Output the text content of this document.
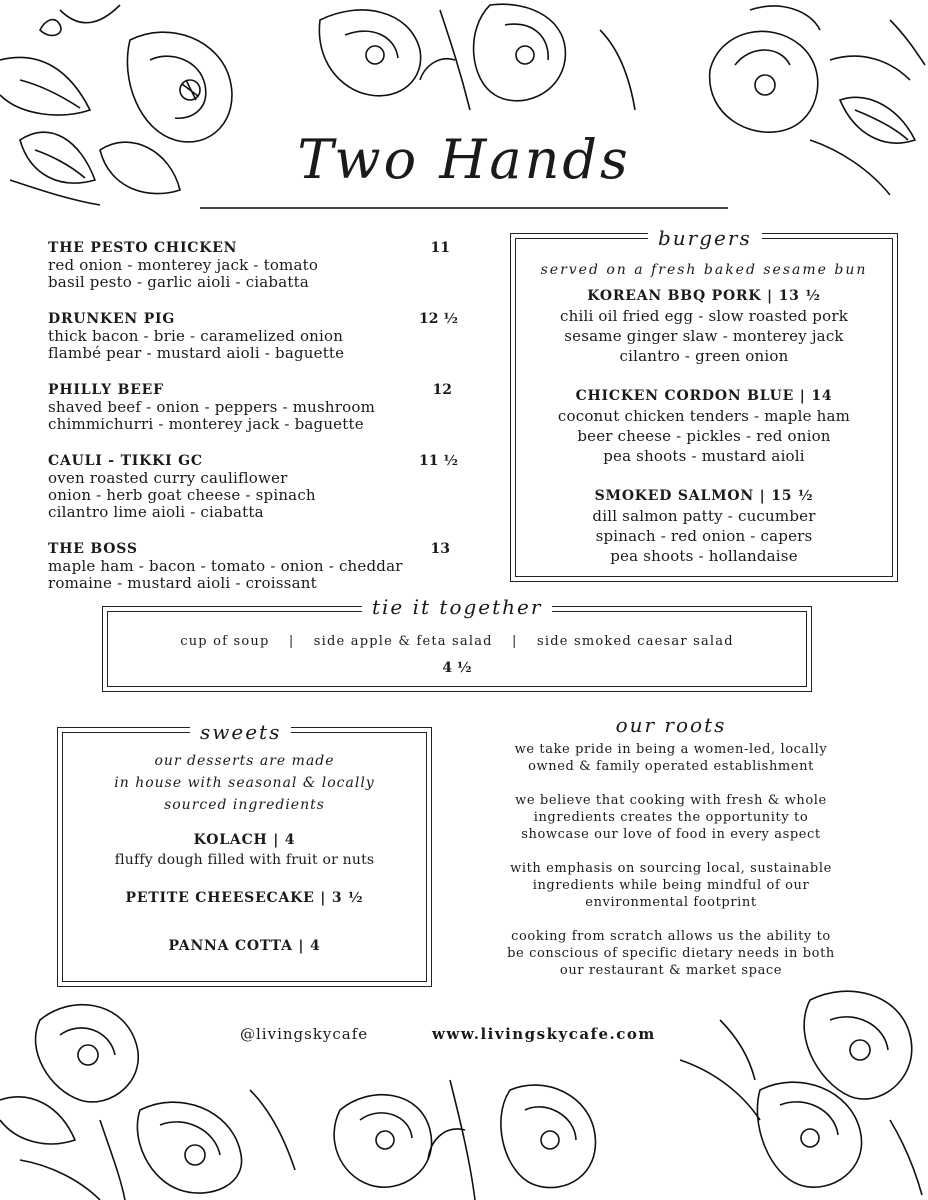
Two Hands
THE PESTO CHICKEN	11
red onion - monterey jack - tomato
basil pesto - garlic aioli - ciabatta
DRUNKEN PIG	12 ½
thick bacon - brie - caramelized onion
flambé pear - mustard aioli - baguette
PHILLY BEEF	12
shaved beef - onion - peppers - mushroom
chimmichurri - monterey jack - baguette
CAULI - TIKKI GC	11 ½
oven roasted curry cauliflower
onion - herb goat cheese - spinach
cilantro lime aioli - ciabatta
THE BOSS	13
maple ham - bacon - tomato - onion - cheddar
romaine - mustard aioli - croissant
burgers
served on a fresh baked sesame bun
KOREAN BBQ PORK | 13 ½
chili oil fried egg - slow roasted pork
sesame ginger slaw - monterey jack
cilantro - green onion
CHICKEN CORDON BLUE | 14
coconut chicken tenders - maple ham
beer cheese - pickles - red onion
pea shoots - mustard aioli
SMOKED SALMON | 15 ½
dill salmon patty - cucumber
spinach - red onion - capers
pea shoots - hollandaise
tie it together
cup of soup | side apple & feta salad | side smoked caesar salad
4 ½
sweets
our desserts are made
in house with seasonal & locally
sourced ingredients
KOLACH | 4
fluffy dough filled with fruit or nuts
PETITE CHEESECAKE | 3 ½
PANNA COTTA | 4
our roots
we take pride in being a women-led, locally
owned & family operated establishment
we believe that cooking with fresh & whole
ingredients creates the opportunity to
showcase our love of food in every aspect
with emphasis on sourcing local, sustainable
ingredients while being mindful of our
environmental footprint
cooking from scratch allows us the ability to
be conscious of specific dietary needs in both
our restaurant & market space
@livingskycafe	www.livingskycafe.com
